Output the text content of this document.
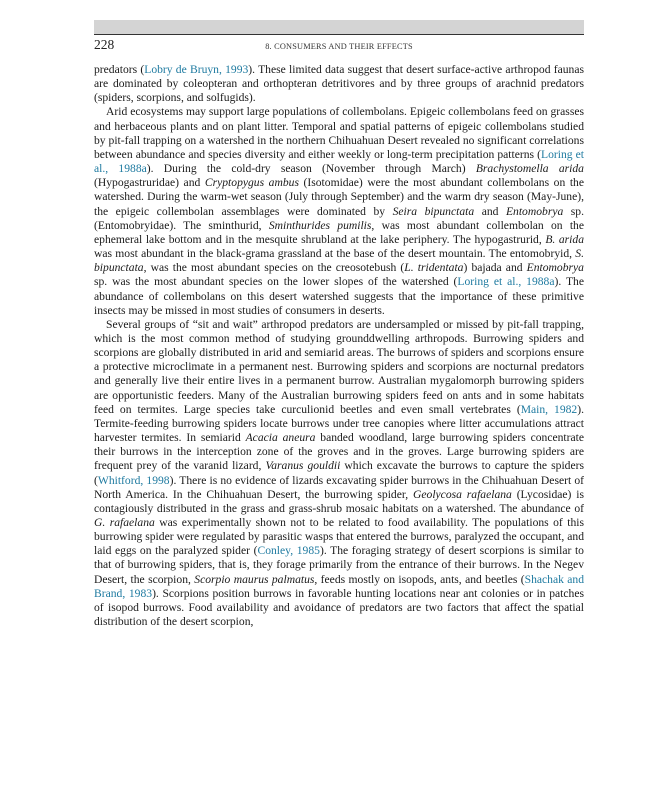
228	8. CONSUMERS AND THEIR EFFECTS

predators (Lobry de Bruyn, 1993). These limited data suggest that desert surface-active arthropod faunas are dominated by coleopteran and orthopteran detritivores and by three groups of arachnid predators (spiders, scorpions, and solfugids).

Arid ecosystems may support large populations of collembolans. Epigeic collembolans feed on grasses and herbaceous plants and on plant litter. Temporal and spatial patterns of epigeic collembolans studied by pit-fall trapping on a watershed in the northern Chihuahuan Desert revealed no significant correlations between abundance and species diversity and either weekly or long-term precipitation patterns (Loring et al., 1988a). During the cold-dry season (November through March) Brachystomella arida (Hypogastruridae) and Cryptopygus ambus (Isotomidae) were the most abundant collembolans on the watershed. During the warm-wet season (July through September) and the warm dry season (May-June), the epigeic collembolan assemblages were dominated by Seira bipunctata and Entomobrya sp. (Entomobryidae). The sminthurid, Sminthurides pumilis, was most abundant collembolan on the ephemeral lake bottom and in the mesquite shrubland at the lake periphery. The hypogastrurid, B. arida was most abundant in the black-grama grassland at the base of the desert mountain. The entomobryid, S. bipunctata, was the most abundant species on the creosotebush (L. tridentata) bajada and Entomobrya sp. was the most abundant species on the lower slopes of the watershed (Loring et al., 1988a). The abundance of collembolans on this desert watershed suggests that the importance of these primitive insects may be missed in most studies of consumers in deserts.

Several groups of “sit and wait” arthropod predators are undersampled or missed by pit-fall trapping, which is the most common method of studying grounddwelling arthropods. Burrowing spiders and scorpions are globally distributed in arid and semiarid areas. The burrows of spiders and scorpions ensure a protective microclimate in a permanent nest. Burrowing spiders and scorpions are nocturnal predators and generally live their entire lives in a permanent burrow. Australian mygalomorph burrowing spiders are opportunistic feeders. Many of the Australian burrowing spiders feed on ants and in some habitats feed on termites. Large species take curculionid beetles and even small vertebrates (Main, 1982). Termite-feeding burrowing spiders locate burrows under tree canopies where litter accumulations attract harvester termites. In semiarid Acacia aneura banded woodland, large burrowing spiders concentrate their burrows in the interception zone of the groves and in the groves. Large burrowing spiders are frequent prey of the varanid lizard, Varanus gouldii which excavate the burrows to capture the spiders (Whitford, 1998). There is no evidence of lizards excavating spider burrows in the Chihuahuan Desert of North America. In the Chihuahuan Desert, the burrowing spider, Geolycosa rafaelana (Lycosidae) is contagiously distributed in the grass and grass-shrub mosaic habitats on a watershed. The abundance of G. rafaelana was experimentally shown not to be related to food availability. The populations of this burrowing spider were regulated by parasitic wasps that entered the burrows, paralyzed the occupant, and laid eggs on the paralyzed spider (Conley, 1985). The foraging strategy of desert scorpions is similar to that of burrowing spiders, that is, they forage primarily from the entrance of their burrows. In the Negev Desert, the scorpion, Scorpio maurus palmatus, feeds mostly on isopods, ants, and beetles (Shachak and Brand, 1983). Scorpions position burrows in favorable hunting locations near ant colonies or in patches of isopod burrows. Food availability and avoidance of predators are two factors that affect the spatial distribution of the desert scorpion,
